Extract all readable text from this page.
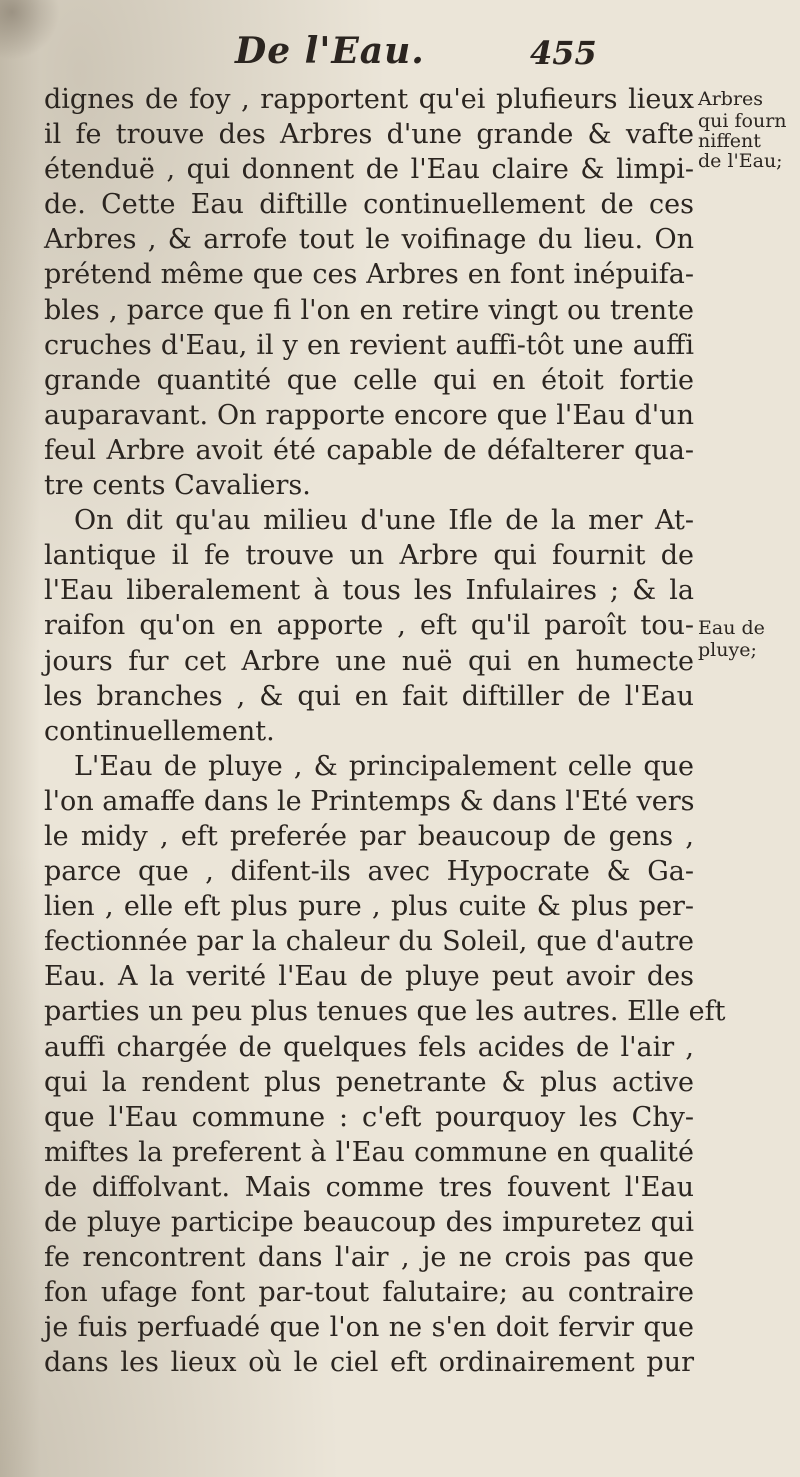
De l'Eau.	455
dignes de foy , rapportent qu'ei plufieurs lieux
il fe trouve des Arbres d'une grande & vafte
étenduë , qui donnent de l'Eau claire & limpi-
de. Cette Eau diftille continuellement de ces
Arbres , & arrofe tout le voifinage du lieu. On
prétend même que ces Arbres en font inépuifa-
bles , parce que fi l'on en retire vingt ou trente
cruches d'Eau, il y en revient auffi-tôt une auffi
grande quantité que celle qui en étoit fortie
auparavant. On rapporte encore que l'Eau d'un
feul Arbre avoit été capable de défalterer qua-
tre cents Cavaliers.
On dit qu'au milieu d'une Ifle de la mer At-
lantique il fe trouve un Arbre qui fournit de
l'Eau liberalement à tous les Infulaires ; & la
raifon qu'on en apporte , eft qu'il paroît tou-
jours fur cet Arbre une nuë qui en humecte
les branches , & qui en fait diftiller de l'Eau
continuellement.
L'Eau de pluye , & principalement celle que
l'on amaffe dans le Printemps & dans l'Eté vers
le midy , eft preferée par beaucoup de gens ,
parce que , difent-ils avec Hypocrate & Ga-
lien , elle eft plus pure , plus cuite & plus per-
fectionnée par la chaleur du Soleil, que d'autre
Eau. A la verité l'Eau de pluye peut avoir des
parties un peu plus tenues que les autres. Elle eft
auffi chargée de quelques fels acides de l'air ,
qui la rendent plus penetrante & plus active
que l'Eau commune : c'eft pourquoy les Chy-
miftes la preferent à l'Eau commune en qualité
de diffolvant. Mais comme tres fouvent l'Eau
de pluye participe beaucoup des impuretez qui
fe rencontrent dans l'air , je ne crois pas que
fon ufage font par-tout falutaire; au contraire
je fuis perfuadé que l'on ne s'en doit fervir que
dans les lieux où le ciel eft ordinairement pur
Arbres
qui fourn
niffent
de l'Eau;
Eau de
pluye;
